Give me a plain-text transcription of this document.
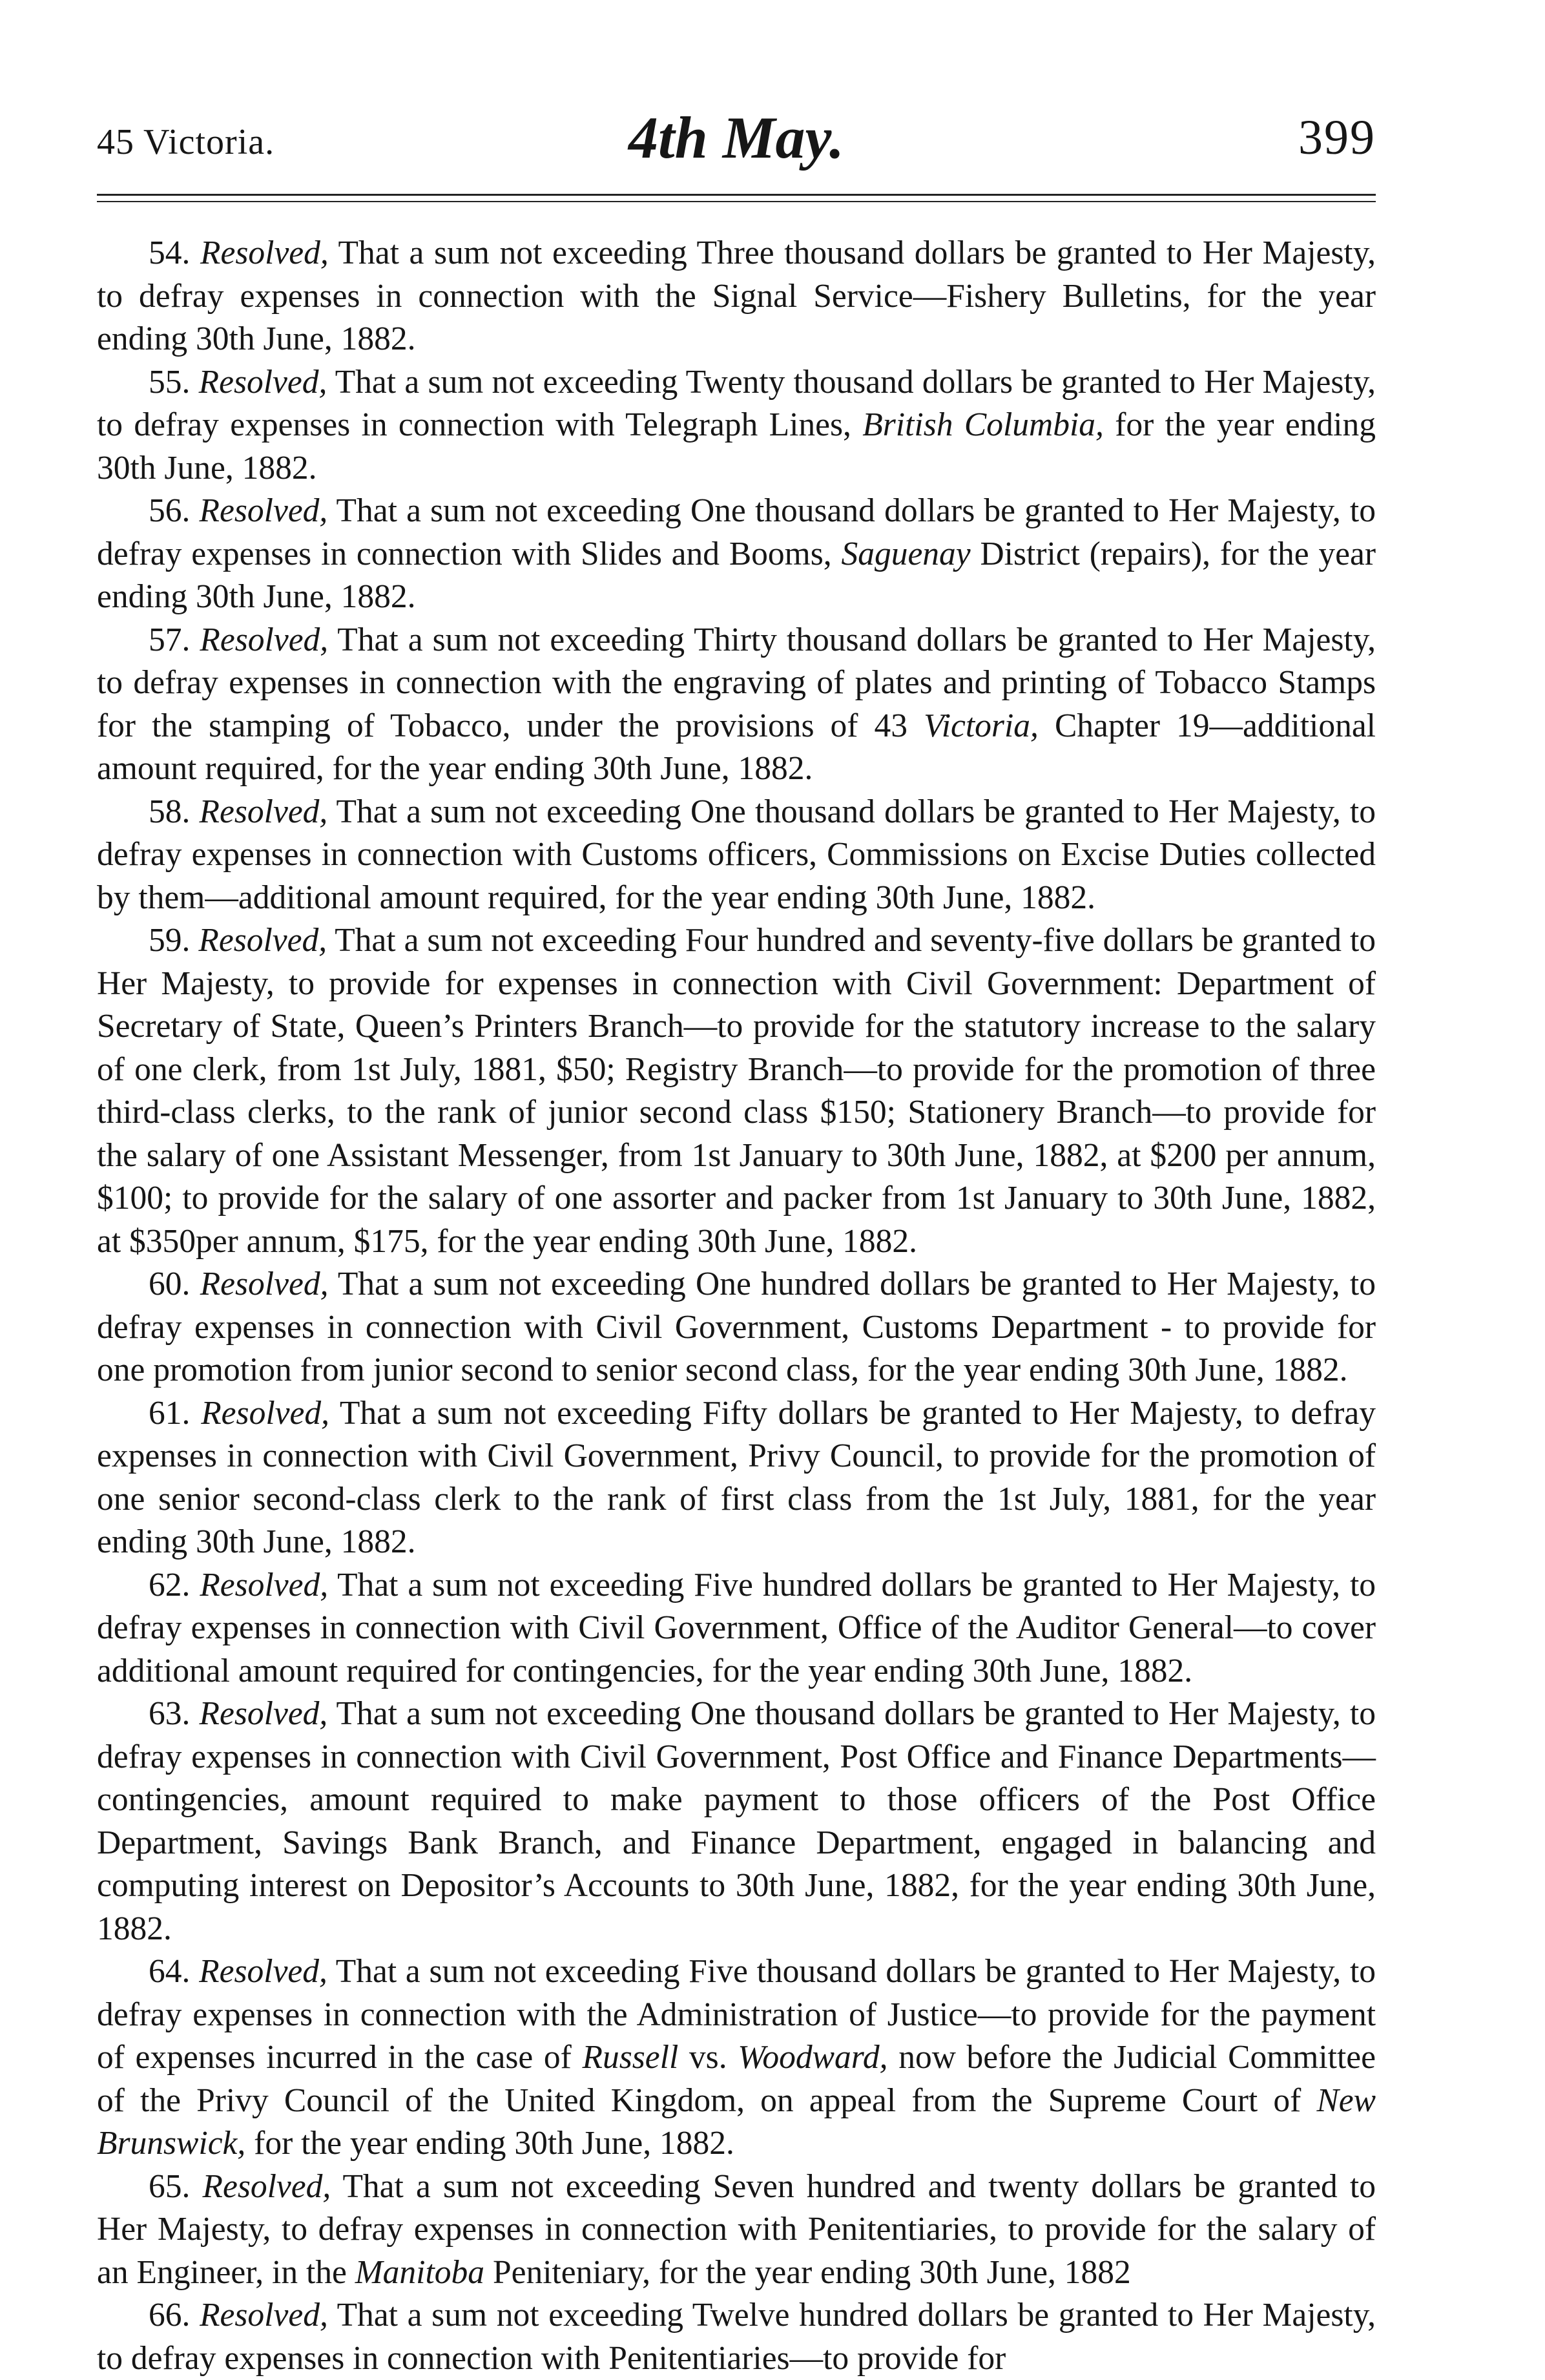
45 Victoria.	4th May.	399

54. Resolved, That a sum not exceeding Three thousand dollars be granted to Her Majesty, to defray expenses in connection with the Signal Service—Fishery Bulletins, for the year ending 30th June, 1882.

55. Resolved, That a sum not exceeding Twenty thousand dollars be granted to Her Majesty, to defray expenses in connection with Telegraph Lines, British Columbia, for the year ending 30th June, 1882.

56. Resolved, That a sum not exceeding One thousand dollars be granted to Her Majesty, to defray expenses in connection with Slides and Booms, Saguenay District (repairs), for the year ending 30th June, 1882.

57. Resolved, That a sum not exceeding Thirty thousand dollars be granted to Her Majesty, to defray expenses in connection with the engraving of plates and printing of Tobacco Stamps for the stamping of Tobacco, under the provisions of 43 Victoria, Chapter 19—additional amount required, for the year ending 30th June, 1882.

58. Resolved, That a sum not exceeding One thousand dollars be granted to Her Majesty, to defray expenses in connection with Customs officers, Commissions on Excise Duties collected by them—additional amount required, for the year ending 30th June, 1882.

59. Resolved, That a sum not exceeding Four hundred and seventy-five dollars be granted to Her Majesty, to provide for expenses in connection with Civil Government: Department of Secretary of State, Queen’s Printers Branch—to provide for the statutory increase to the salary of one clerk, from 1st July, 1881, $50; Registry Branch—to provide for the promotion of three third-class clerks, to the rank of junior second class $150; Stationery Branch—to provide for the salary of one Assistant Messenger, from 1st January to 30th June, 1882, at $200 per annum, $100; to provide for the salary of one assorter and packer from 1st January to 30th June, 1882, at $350per annum, $175, for the year ending 30th June, 1882.

60. Resolved, That a sum not exceeding One hundred dollars be granted to Her Majesty, to defray expenses in connection with Civil Government, Customs Department - to provide for one promotion from junior second to senior second class, for the year ending 30th June, 1882.

61. Resolved, That a sum not exceeding Fifty dollars be granted to Her Majesty, to defray expenses in connection with Civil Government, Privy Council, to provide for the promotion of one senior second-class clerk to the rank of first class from the 1st July, 1881, for the year ending 30th June, 1882.

62. Resolved, That a sum not exceeding Five hundred dollars be granted to Her Majesty, to defray expenses in connection with Civil Government, Office of the Auditor General—to cover additional amount required for contingencies, for the year ending 30th June, 1882.

63. Resolved, That a sum not exceeding One thousand dollars be granted to Her Majesty, to defray expenses in connection with Civil Government, Post Office and Finance Departments—contingencies, amount required to make payment to those officers of the Post Office Department, Savings Bank Branch, and Finance Department, engaged in balancing and computing interest on Depositor’s Accounts to 30th June, 1882, for the year ending 30th June, 1882.

64. Resolved, That a sum not exceeding Five thousand dollars be granted to Her Majesty, to defray expenses in connection with the Administration of Justice—to provide for the payment of expenses incurred in the case of Russell vs. Woodward, now before the Judicial Committee of the Privy Council of the United Kingdom, on appeal from the Supreme Court of New Brunswick, for the year ending 30th June, 1882.

65. Resolved, That a sum not exceeding Seven hundred and twenty dollars be granted to Her Majesty, to defray expenses in connection with Penitentiaries, to provide for the salary of an Engineer, in the Manitoba Peniteniary, for the year ending 30th June, 1882

66. Resolved, That a sum not exceeding Twelve hundred dollars be granted to Her Majesty, to defray expenses in connection with Penitentiaries—to provide for
